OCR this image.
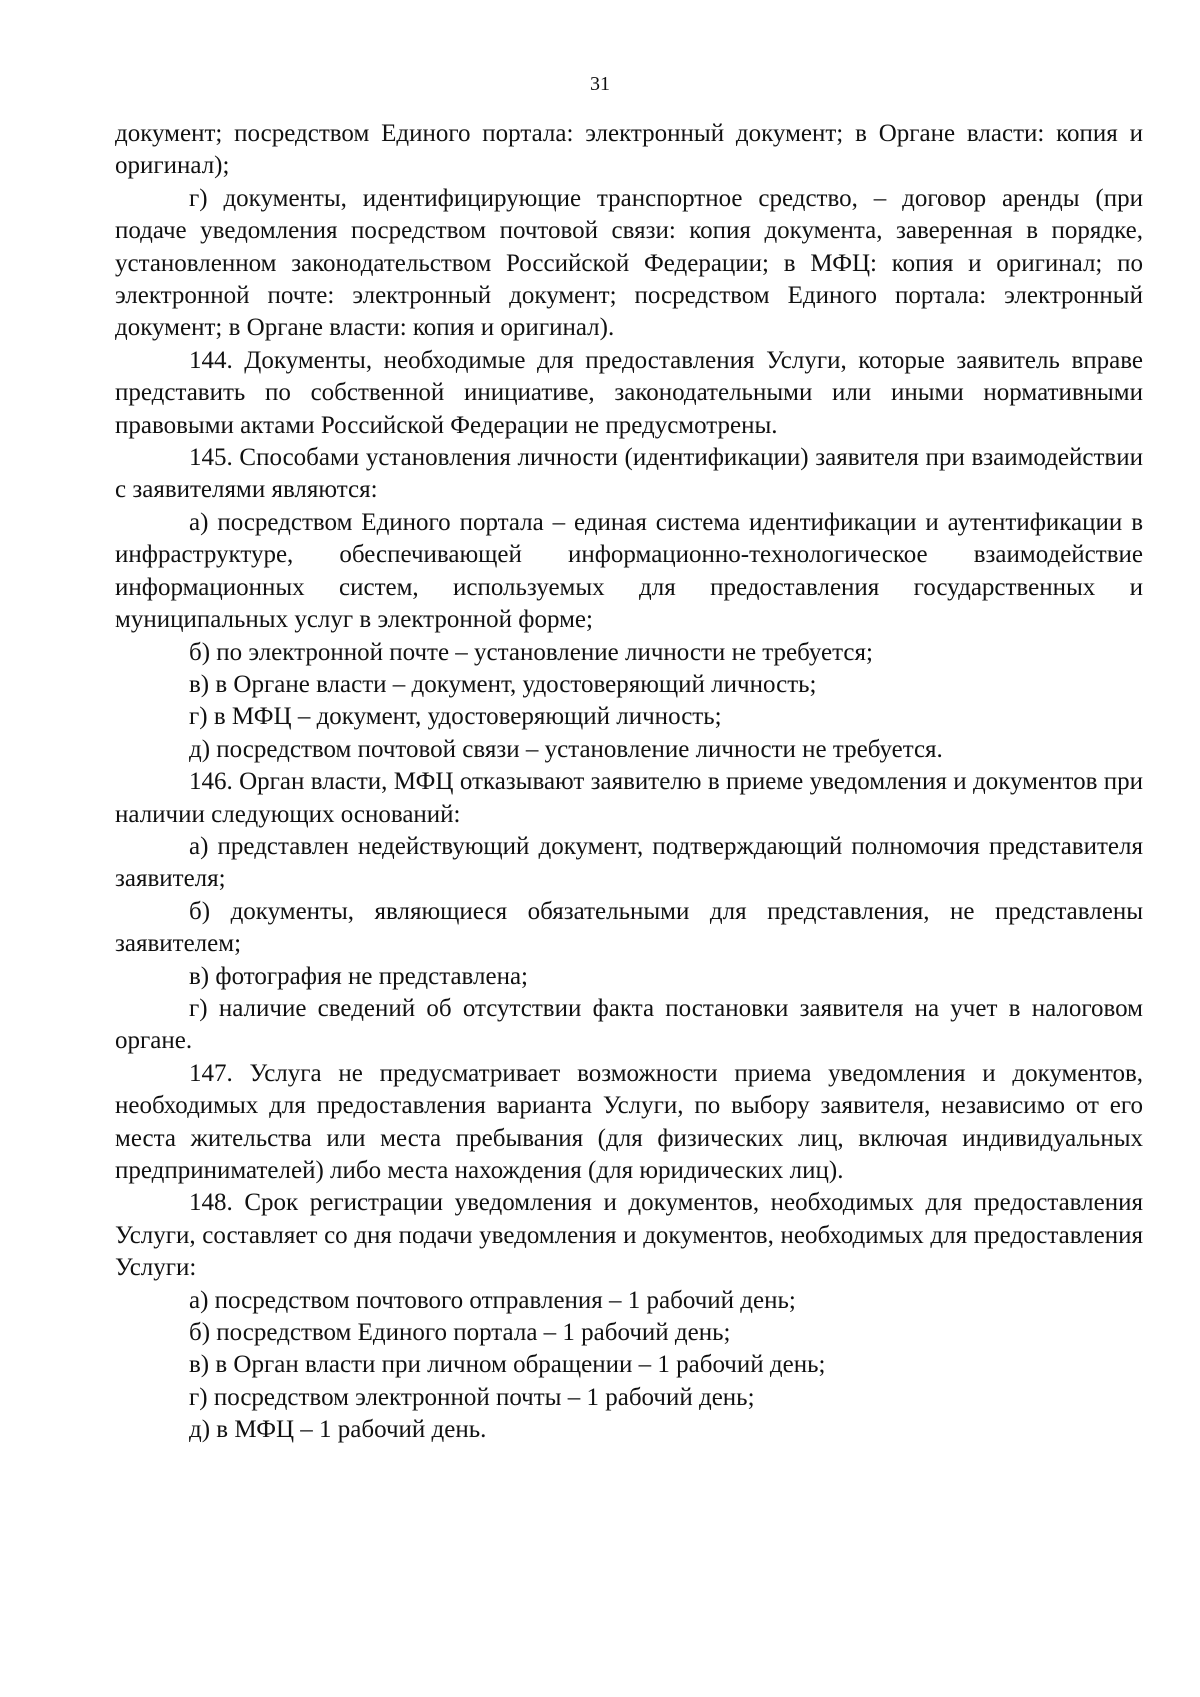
31

документ; посредством Единого портала: электронный документ; в Органе власти: копия и оригинал);

г) документы, идентифицирующие транспортное средство, – договор аренды (при подаче уведомления посредством почтовой связи: копия документа, заверенная в порядке, установленном законодательством Российской Федерации; в МФЦ: копия и оригинал; по электронной почте: электронный документ; посредством Единого портала: электронный документ; в Органе власти: копия и оригинал).

144. Документы, необходимые для предоставления Услуги, которые заявитель вправе представить по собственной инициативе, законодательными или иными нормативными правовыми актами Российской Федерации не предусмотрены.

145. Способами установления личности (идентификации) заявителя при взаимодействии с заявителями являются:

а) посредством Единого портала – единая система идентификации и аутентификации в инфраструктуре, обеспечивающей информационно-технологическое взаимодействие информационных систем, используемых для предоставления государственных и муниципальных услуг в электронной форме;

б) по электронной почте – установление личности не требуется;

в) в Органе власти – документ, удостоверяющий личность;

г) в МФЦ – документ, удостоверяющий личность;

д) посредством почтовой связи – установление личности не требуется.

146. Орган власти, МФЦ отказывают заявителю в приеме уведомления и документов при наличии следующих оснований:

а) представлен недействующий документ, подтверждающий полномочия представителя заявителя;

б) документы, являющиеся обязательными для представления, не представлены заявителем;

в) фотография не представлена;

г) наличие сведений об отсутствии факта постановки заявителя на учет в налоговом органе.

147. Услуга не предусматривает возможности приема уведомления и документов, необходимых для предоставления варианта Услуги, по выбору заявителя, независимо от его места жительства или места пребывания (для физических лиц, включая индивидуальных предпринимателей) либо места нахождения (для юридических лиц).

148. Срок регистрации уведомления и документов, необходимых для предоставления Услуги, составляет со дня подачи уведомления и документов, необходимых для предоставления Услуги:

а) посредством почтового отправления – 1 рабочий день;

б) посредством Единого портала – 1 рабочий день;

в) в Орган власти при личном обращении – 1 рабочий день;

г) посредством электронной почты – 1 рабочий день;

д) в МФЦ – 1 рабочий день.
